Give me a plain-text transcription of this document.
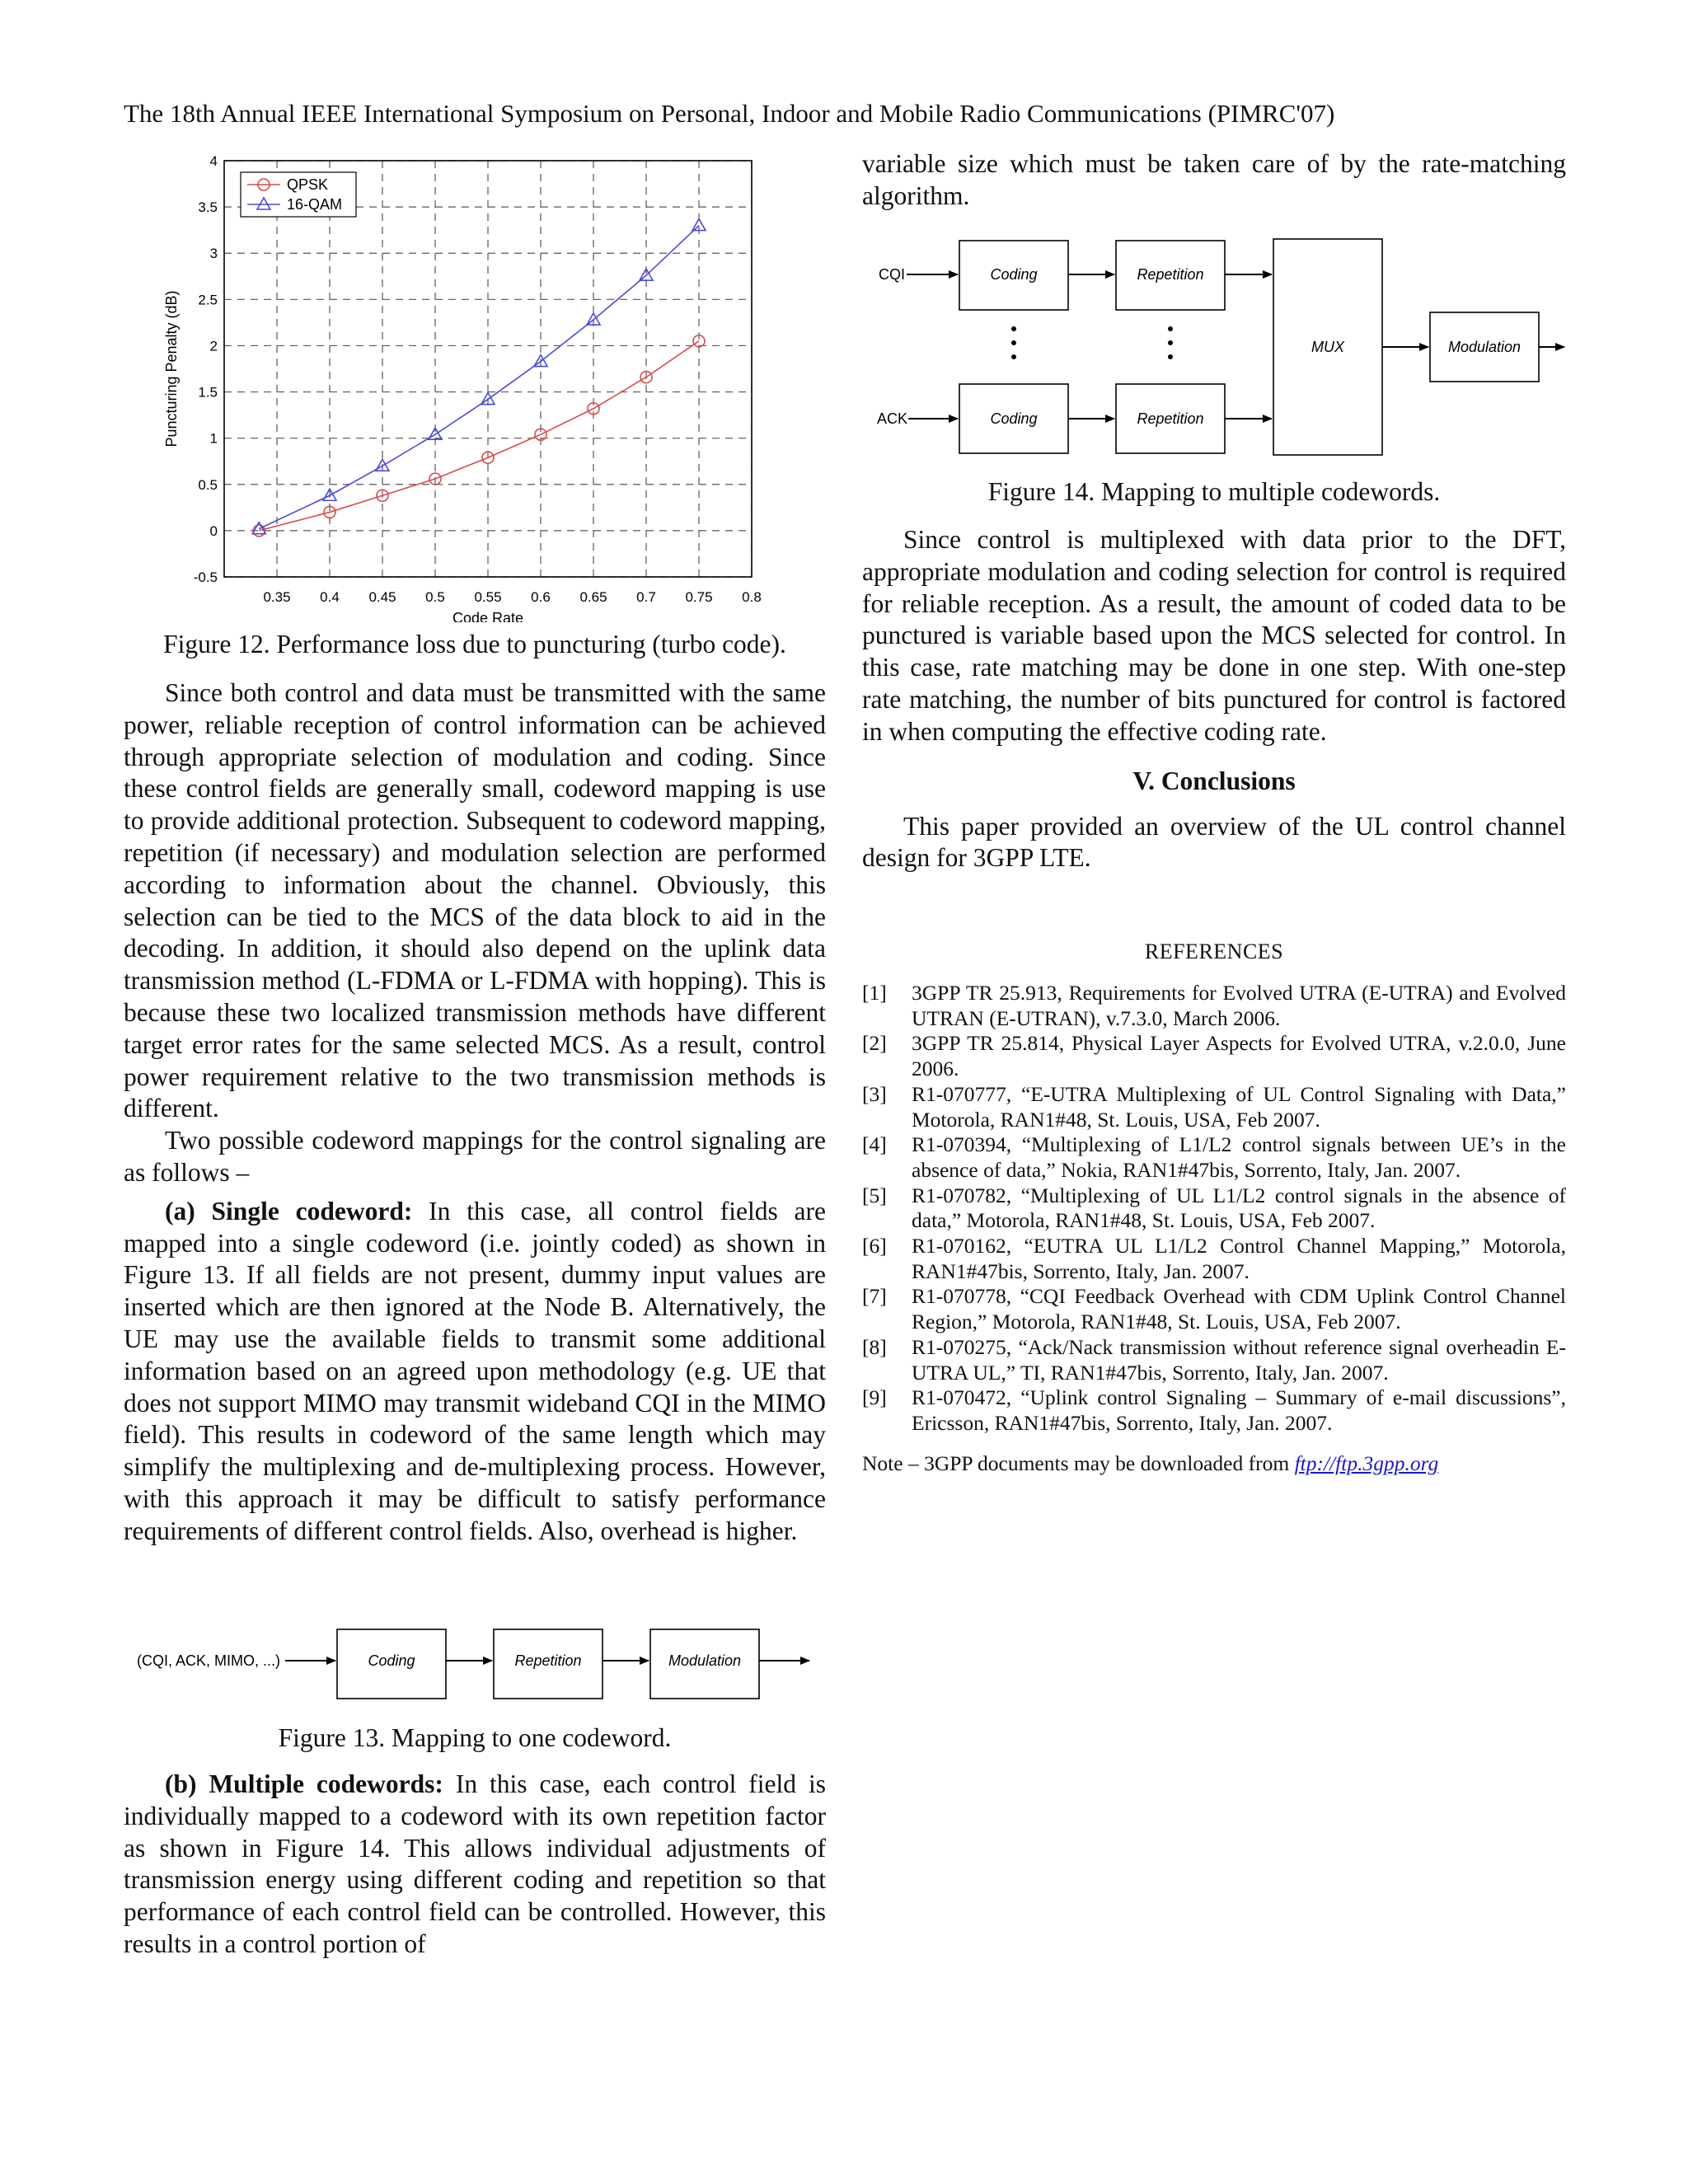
The 18th Annual IEEE International Symposium on Personal, Indoor and Mobile Radio Communications (PIMRC'07)
0.35 0.4 0.45 0.5 0.55 0.6 0.65 0.7 0.75 0.8
-0.5
0
0.5
1
1.5
2
2.5
3
3.5
4
QPSK
16-QAM
Code Rate
Puncturing Penalty (dB)
Figure 12. Performance loss due to puncturing (turbo code).

Since both control and data must be transmitted with the same power, reliable reception of control information can be achieved through appropriate selection of modulation and coding. Since these control fields are generally small, codeword mapping is use to provide additional protection. Subsequent to codeword mapping, repetition (if necessary) and modulation selection are performed according to information about the channel. Obviously, this selection can be tied to the MCS of the data block to aid in the decoding. In addition, it should also depend on the uplink data transmission method (L-FDMA or L-FDMA with hopping). This is because these two localized transmission methods have different target error rates for the same selected MCS. As a result, control power requirement relative to the two transmission methods is different.

Two possible codeword mappings for the control signaling are as follows –

(a) Single codeword: In this case, all control fields are mapped into a single codeword (i.e. jointly coded) as shown in Figure 13. If all fields are not present, dummy input values are inserted which are then ignored at the Node B. Alternatively, the UE may use the available fields to transmit some additional information based on an agreed upon methodology (e.g. UE that does not support MIMO may transmit wideband CQI in the MIMO field). This results in codeword of the same length which may simplify the multiplexing and de-multiplexing process. However, with this approach it may be difficult to satisfy performance requirements of different control fields. Also, overhead is higher.

(CQI, ACK, MIMO, ...)	Coding	Repetition	Modulation
Figure 13. Mapping to one codeword.

(b) Multiple codewords: In this case, each control field is individually mapped to a codeword with its own repetition factor as shown in Figure 14. This allows individual adjustments of transmission energy using different coding and repetition so that performance of each control field can be controlled. However, this results in a control portion of

variable size which must be taken care of by the rate-matching algorithm.

CQI	Coding	Repetition
ACK	Coding	Repetition
MUX	Modulation
Figure 14. Mapping to multiple codewords.

Since control is multiplexed with data prior to the DFT, appropriate modulation and coding selection for control is required for reliable reception. As a result, the amount of coded data to be punctured is variable based upon the MCS selected for control. In this case, rate matching may be done in one step. With one-step rate matching, the number of bits punctured for control is factored in when computing the effective coding rate.

V. Conclusions

This paper provided an overview of the UL control channel design for 3GPP LTE.

REFERENCES
[1]	3GPP TR 25.913, Requirements for Evolved UTRA (E-UTRA) and Evolved UTRAN (E-UTRAN), v.7.3.0, March 2006.
[2]	3GPP TR 25.814, Physical Layer Aspects for Evolved UTRA, v.2.0.0, June 2006.
[3]	R1-070777, “E-UTRA Multiplexing of UL Control Signaling with Data,” Motorola, RAN1#48, St. Louis, USA, Feb 2007.
[4]	R1-070394, “Multiplexing of L1/L2 control signals between UE’s in the absence of data,” Nokia, RAN1#47bis, Sorrento, Italy, Jan. 2007.
[5]	R1-070782, “Multiplexing of UL L1/L2 control signals in the absence of data,” Motorola, RAN1#48, St. Louis, USA, Feb 2007.
[6]	R1-070162, “EUTRA UL L1/L2 Control Channel Mapping,” Motorola, RAN1#47bis, Sorrento, Italy, Jan. 2007.
[7]	R1-070778, “CQI Feedback Overhead with CDM Uplink Control Channel Region,” Motorola, RAN1#48, St. Louis, USA, Feb 2007.
[8]	R1-070275, “Ack/Nack transmission without reference signal overheadin E-UTRA UL,” TI, RAN1#47bis, Sorrento, Italy, Jan. 2007.
[9]	R1-070472, “Uplink control Signaling – Summary of e-mail discussions”, Ericsson, RAN1#47bis, Sorrento, Italy, Jan. 2007.
Note – 3GPP documents may be downloaded from ftp://ftp.3gpp.org
